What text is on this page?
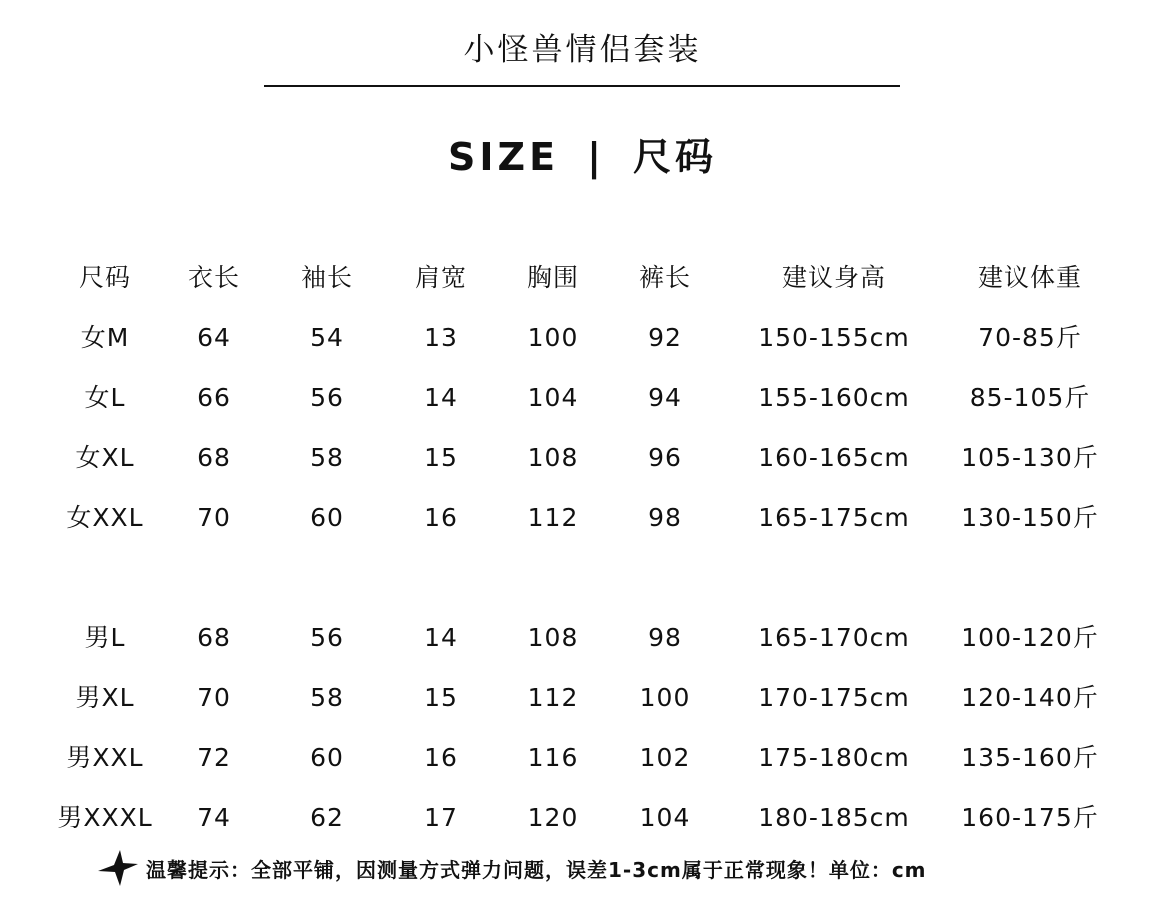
小怪兽情侣套装
SIZE | 尺码
尺码	衣长	袖长	肩宽	胸围	裤长	建议身高	建议体重
女M	64	54	13	100	92	150-155cm	70-85斤
女L	66	56	14	104	94	155-160cm	85-105斤
女XL	68	58	15	108	96	160-165cm	105-130斤
女XXL	70	60	16	112	98	165-175cm	130-150斤
男L	68	56	14	108	98	165-170cm	100-120斤
男XL	70	58	15	112	100	170-175cm	120-140斤
男XXL	72	60	16	116	102	175-180cm	135-160斤
男XXXL	74	62	17	120	104	180-185cm	160-175斤
温馨提示：全部平铺，因测量方式弹力问题，误差1-3cm属于正常现象！单位：cm
